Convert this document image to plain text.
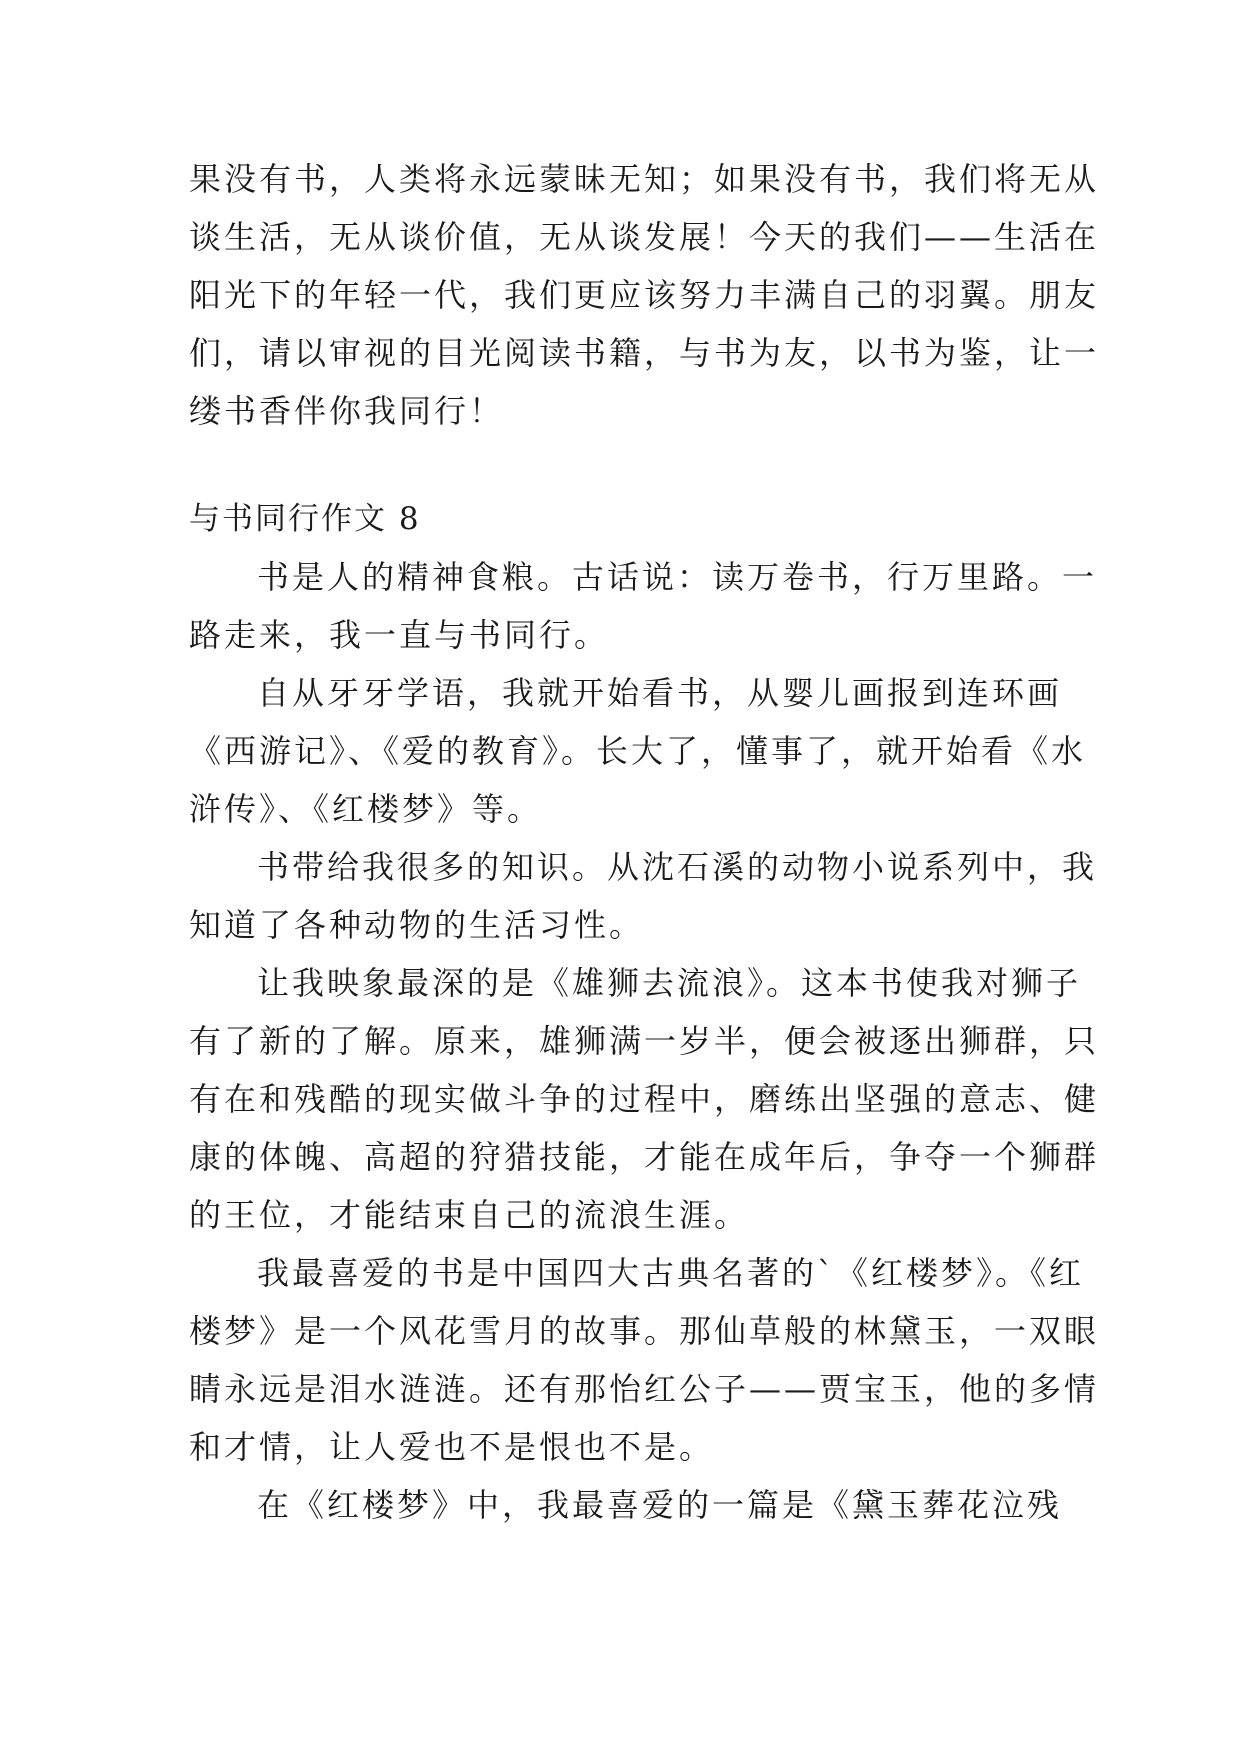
果没有书，人类将永远蒙昧无知；如果没有书，我们将无从
谈生活，无从谈价值，无从谈发展！今天的我们——生活在
阳光下的年轻一代，我们更应该努力丰满自己的羽翼。朋友
们，请以审视的目光阅读书籍，与书为友，以书为鉴，让一
缕书香伴你我同行！
与书同行作文 8
书是人的精神食粮。古话说：读万卷书，行万里路。一
路走来，我一直与书同行。
自从牙牙学语，我就开始看书，从婴儿画报到连环画
《西游记》、《爱的教育》。长大了，懂事了，就开始看《水
浒传》、《红楼梦》等。
书带给我很多的知识。从沈石溪的动物小说系列中，我
知道了各种动物的生活习性。
让我映象最深的是《雄狮去流浪》。这本书使我对狮子
有了新的了解。原来，雄狮满一岁半，便会被逐出狮群，只
有在和残酷的现实做斗争的过程中，磨练出坚强的意志、健
康的体魄、高超的狩猎技能，才能在成年后，争夺一个狮群
的王位，才能结束自己的流浪生涯。
我最喜爱的书是中国四大古典名著的`《红楼梦》。《红
楼梦》是一个风花雪月的故事。那仙草般的林黛玉，一双眼
睛永远是泪水涟涟。还有那怡红公子——贾宝玉，他的多情
和才情，让人爱也不是恨也不是。
在《红楼梦》中，我最喜爱的一篇是《黛玉葬花泣残
